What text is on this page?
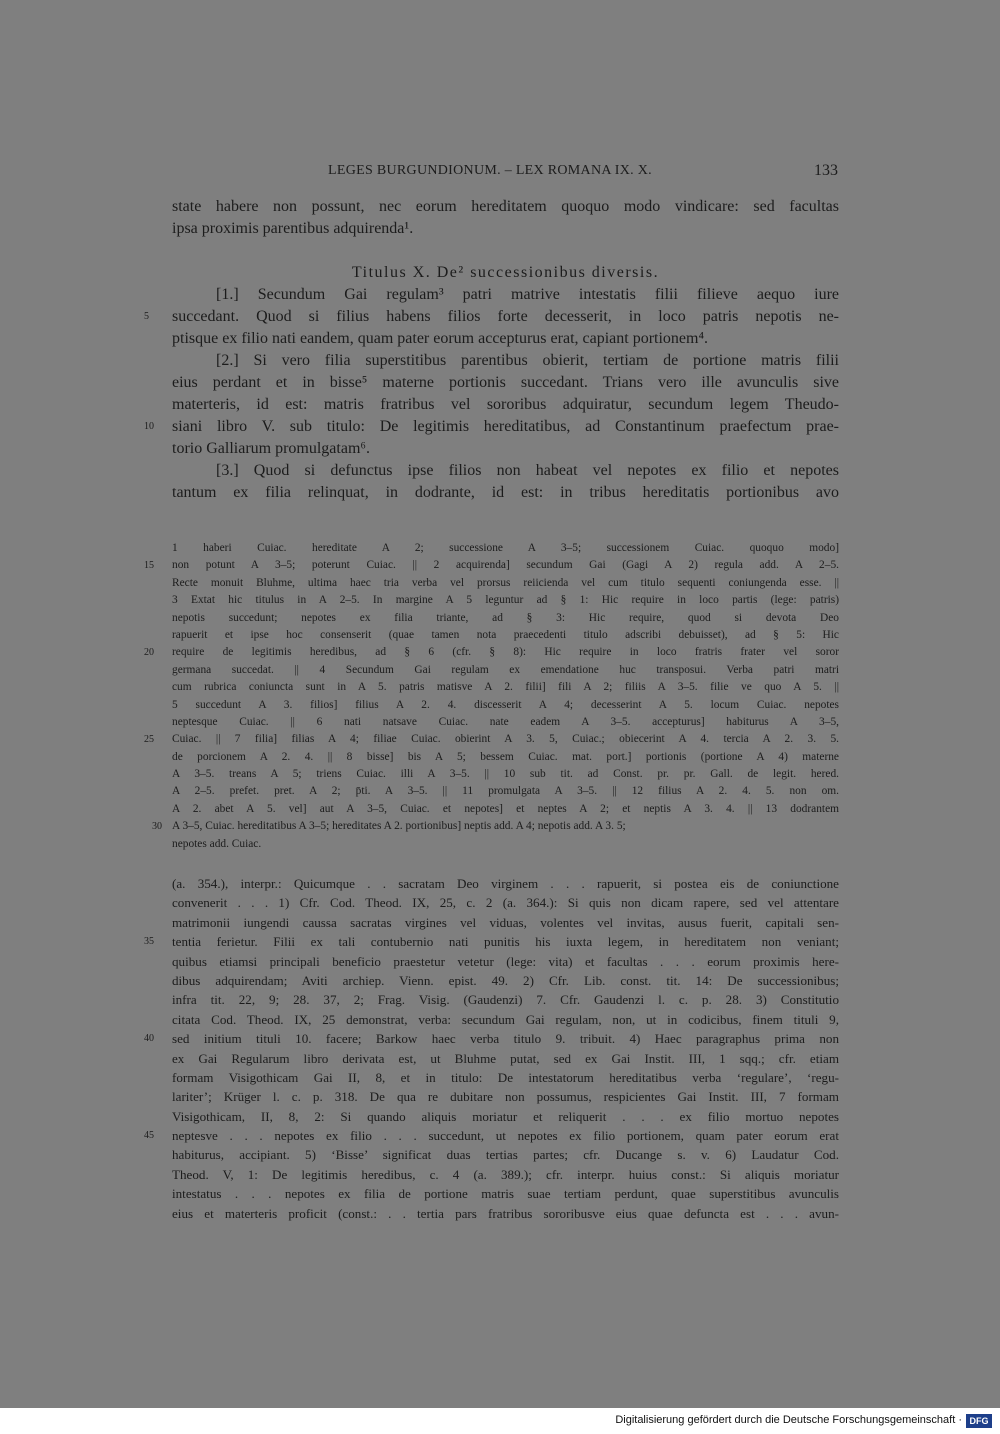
LEGES BURGUNDIONUM. – LEX ROMANA IX. X.	133
state habere non possunt, nec eorum hereditatem quoquo modo vindicare: sed facultas
ipsa proximis parentibus adquirenda¹.
Titulus X. De² successionibus diversis.
[1.] Secundum Gai regulam³ patri matrive intestatis filii filieve aequo iure
succedant. Quod si filius habens filios forte decesserit, in loco patris nepotis ne-
5
ptisque ex filio nati eandem, quam pater eorum accepturus erat, capiant portionem⁴.
[2.] Si vero filia superstitibus parentibus obierit, tertiam de portione matris filii
eius perdant et in bisse⁵ materne portionis succedant. Trians vero ille avunculis sive
materteris, id est: matris fratribus vel sororibus adquiratur, secundum legem Theudo-
siani libro V. sub titulo: De legitimis hereditatibus, ad Constantinum praefectum prae-
10
torio Galliarum promulgatam⁶.
[3.] Quod si defunctus ipse filios non habeat vel nepotes ex filio et nepotes
tantum ex filia relinquat, in dodrante, id est: in tribus hereditatis portionibus avo
1 haberi Cuiac. hereditate A 2; successione A 3–5; successionem Cuiac. quoquo modo]
non potunt A 3–5; poterunt Cuiac. || 2 acquirenda] secundum Gai (Gagi A 2) regula add. A 2–5.
15
Recte monuit Bluhme, ultima haec tria verba vel prorsus reiicienda vel cum titulo sequenti coniungenda esse. ||
3 Extat hic titulus in A 2–5. In margine A 5 leguntur ad § 1: Hic require in loco partis (lege: patris)
nepotis succedunt; nepotes ex filia triante, ad § 3: Hic require, quod si devota Deo
rapuerit et ipse hoc consenserit (quae tamen nota praecedenti titulo adscribi debuisset), ad § 5: Hic
require de legitimis heredibus, ad § 6 (cfr. § 8): Hic require in loco fratris frater vel soror
20
germana succedat. || 4 Secundum Gai regulam ex emendatione huc transposui. Verba patri matri
cum rubrica coniuncta sunt in A 5. patris matisve A 2. filii] fili A 2; filiis A 3–5. filie ve quo A 5. ||
5 succedunt A 3. filios] filius A 2. 4. discesserit A 4; decesserint A 5. locum Cuiac. nepotes
neptesque Cuiac. || 6 nati natsave Cuiac. nate eadem A 3–5. accepturus] habiturus A 3–5,
Cuiac. || 7 filia] filias A 4; filiae Cuiac. obierint A 3. 5, Cuiac.; obiecerint A 4. tercia A 2. 3. 5.
25
de porcionem A 2. 4. || 8 bisse] bis A 5; bessem Cuiac. mat. port.] portionis (portione A 4) materne
A 3–5. treans A 5; triens Cuiac. illi A 3–5. || 10 sub tit. ad Const. pr. pr. Gall. de legit. hered.
A 2–5. prefet. pret. A 2; p̄ti. A 3–5. || 11 promulgata A 3–5. || 12 filius A 2. 4. 5. non om.
A 2. abet A 5. vel] aut A 3–5, Cuiac. et nepotes] et neptes A 2; et neptis A 3. 4. || 13 dodrantem
A 3–5, Cuiac. hereditatibus A 3–5; hereditates A 2. portionibus] neptis add. A 4; nepotis add. A 3. 5;
30
nepotes add. Cuiac.
(a. 354.), interpr.: Quicumque . . sacratam Deo virginem . . . rapuerit, si postea eis de coniunctione
convenerit . . . 1) Cfr. Cod. Theod. IX, 25, c. 2 (a. 364.): Si quis non dicam rapere, sed vel attentare
matrimonii iungendi caussa sacratas virgines vel viduas, volentes vel invitas, ausus fuerit, capitali sen-
tentia ferietur. Filii ex tali contubernio nati punitis his iuxta legem, in hereditatem non veniant;
35
quibus etiamsi principali beneficio praestetur vetetur (lege: vita) et facultas . . . eorum proximis here-
dibus adquirendam; Aviti archiep. Vienn. epist. 49. 2) Cfr. Lib. const. tit. 14: De successionibus;
infra tit. 22, 9; 28. 37, 2; Frag. Visig. (Gaudenzi) 7. Cfr. Gaudenzi l. c. p. 28. 3) Constitutio
citata Cod. Theod. IX, 25 demonstrat, verba: secundum Gai regulam, non, ut in codicibus, finem tituli 9,
sed initium tituli 10. facere; Barkow haec verba titulo 9. tribuit. 4) Haec paragraphus prima non
40
ex Gai Regularum libro derivata est, ut Bluhme putat, sed ex Gai Instit. III, 1 sqq.; cfr. etiam
formam Visigothicam Gai II, 8, et in titulo: De intestatorum hereditatibus verba ‘regulare’, ‘regu-
lariter’; Krüger l. c. p. 318. De qua re dubitare non possumus, respicientes Gai Instit. III, 7 formam
Visigothicam, II, 8, 2: Si quando aliquis moriatur et reliquerit . . . ex filio mortuo nepotes
neptesve . . . nepotes ex filio . . . succedunt, ut nepotes ex filio portionem, quam pater eorum erat
45
habiturus, accipiant. 5) ‘Bisse’ significat duas tertias partes; cfr. Ducange s. v. 6) Laudatur Cod.
Theod. V, 1: De legitimis heredibus, c. 4 (a. 389.); cfr. interpr. huius const.: Si aliquis moriatur
intestatus . . . nepotes ex filia de portione matris suae tertiam perdunt, quae superstitibus avunculis
eius et materteris proficit (const.: . . tertia pars fratribus sororibusve eius quae defuncta est . . . avun-
Digitalisierung gefördert durch die Deutsche Forschungsgemeinschaft · DFG
